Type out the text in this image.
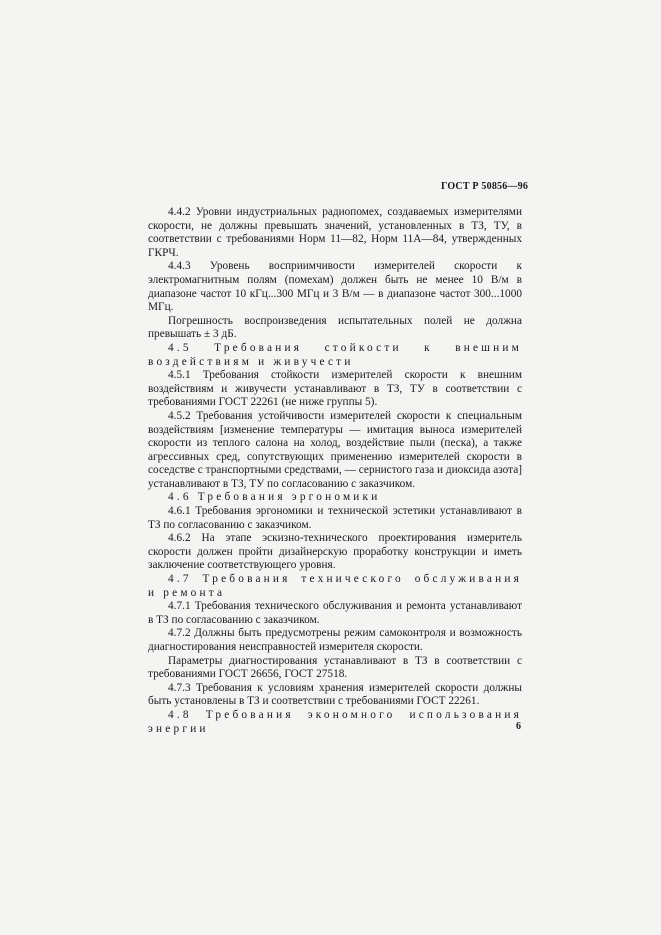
ГОСТ Р 50856—96

4.4.2 Уровни индустриальных радиопомех, создаваемых измерителями скорости, не должны превышать значений, установленных в ТЗ, ТУ, в соответствии с требованиями Норм 11—82, Норм 11А—84, утвержденных ГКРЧ.

4.4.3 Уровень восприимчивости измерителей скорости к электромагнитным полям (помехам) должен быть не менее 10 В/м в диапазоне частот 10 кГц...300 МГц и 3 В/м — в диапазоне частот 300...1000 МГц.

Погрешность воспроизведения испытательных полей не должна превышать ± 3 дБ.

4.5 Требования стойкости к внешним воздействиям и живучести

4.5.1 Требования стойкости измерителей скорости к внешним воздействиям и живучести устанавливают в ТЗ, ТУ в соответствии с требованиями ГОСТ 22261 (не ниже группы 5).

4.5.2 Требования устойчивости измерителей скорости к специальным воздействиям [изменение температуры — имитация выноса измерителей скорости из теплого салона на холод, воздействие пыли (песка), а также агрессивных сред, сопутствующих применению измерителей скорости в соседстве с транспортными средствами, — сернистого газа и диоксида азота] устанавливают в ТЗ, ТУ по согласованию с заказчиком.

4.6 Требования эргономики

4.6.1 Требования эргономики и технической эстетики устанавливают в ТЗ по согласованию с заказчиком.

4.6.2 На этапе эскизно-технического проектирования измеритель скорости должен пройти дизайнерскую проработку конструкции и иметь заключение соответствующего уровня.

4.7 Требования технического обслуживания и ремонта

4.7.1 Требования технического обслуживания и ремонта устанавливают в ТЗ по согласованию с заказчиком.

4.7.2 Должны быть предусмотрены режим самоконтроля и возможность диагностирования неисправностей измерителя скорости.

Параметры диагностирования устанавливают в ТЗ в соответствии с требованиями ГОСТ 26656, ГОСТ 27518.

4.7.3 Требования к условиям хранения измерителей скорости должны быть установлены в ТЗ и соответствии с требованиями ГОСТ 22261.

4.8 Требования экономного использования энергии	6
